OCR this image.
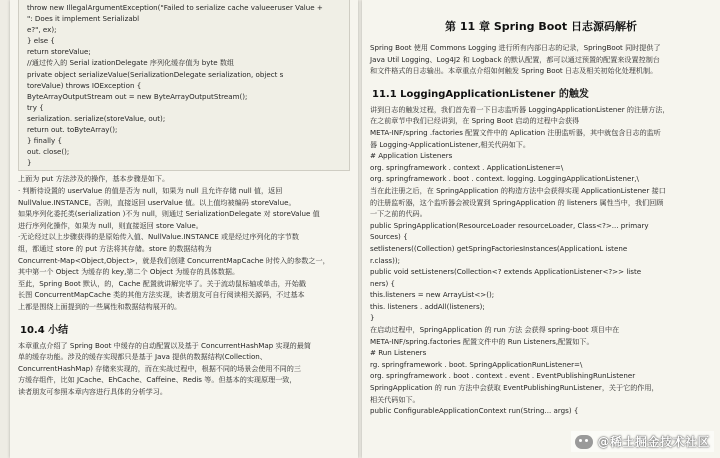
throw new IllegalArgumentException("Failed to serialize cache valueeruser Value +
": Does it implement Serializabl
e?", ex);
} else {
return storeValue;
//通过传入的 Serial izationDelegate 序列化缓存值为 byte 数组
private object serializeValue(SerializationDelegate serialization, object s
toreValue) throws IOException {
ByteArrayOutputStream out = new ByteArrayOutputStream();
try {
serialization. serialize(storeValue, out);
return out. toByteArray();
} finally {
out. close();
}
上面为 put 方法涉及的操作，基本步骤是如下。
· 判断待设置的 userValue 的值是否为 null，如果为 null 且允许存储 null 值，返回
NullValue.INSTANCE。否则，直接返回 userValue 值。以上值均被编码 storeValue。
如果序列化委托类(serialization )不为 null，则通过 SerializationDelegate 对 storeValue 值
进行序列化操作，如果为 null，则直接返回 store Value。
·无论经过以上步骤获得的是原始传入值、NullValue.INSTANCE 或是经过序列化的字节数
组，都通过 store 的 put 方法将其存储。store 的数据结构为
Concurrent-Map<Object,Object>，就是我们创建 ConcurrentMapCache 时传入的参数之一，
其中第一个 Object 为缓存的 key,第二个 Object 为缓存的具体数据。
至此，Spring Boot 默认，的，Cache 配置就讲解完毕了。关于流动鼠标轴或单击，开始戳
长图 ConcurrentMapCache 类的其他方法实现，读者朋友可自行阅读相关源码，不过基本
上都是围绕上面提到的一些属性和数据结构展开的。
10.4 小结
本章重点介绍了 Spring Boot 中缓存的自动配置以及基于 ConcurrentHashMap 实现的最简
单的缓存功能。涉及的缓存实现都只是基于 Java 提供的数据结构(Collection、
ConcurrentHashMap) 存储来实现的，而在实战过程中，根据不同的场景会使用不同的三
方缓存组件，比如 JCache、EhCache、Caffeine、Redis 等。但基本的实现原理一致，
读者朋友可参照本章内容进行具体的分析学习。
第 11 章 Spring Boot 日志源码解析
Spring Boot 使用 Commons Logging 进行所有内部日志的记录，SpringBoot 同时提供了
Java Util Logging、Log4J2 和 Logback 的默认配置，都可以通过预置的配置来设置控制台
和文件格式的日志输出。本章重点介绍如何触发 Spring Boot 日志及相关初始化处理机制。
11.1 LoggingApplicationListener 的触发
讲到日志的触发过程，我们首先看一下日志监听器 LoggingApplicationListener 的注册方法，
在之前章节中我们已经讲到，在 Spring Boot 启动的过程中会获得
META-INF/spring .factories 配置文件中的 Aplication 注册监听器，其中就包含日志的监听
器 Logging-ApplicationListener,相关代码如下。
# Application Listeners
org. springframework . context . ApplicationListener=\
org. springframework . boot . context. logging. LoggingApplicationListener,\
当在此注册之后，在 SpringApplication 的构造方法中会获得实现 ApplicationListener 接口
的注册监听器，这个监听器会被设置到 SpringApplication 的 listeners 属性当中，我们回顾
一下之前的代码。
public SpringApplication(ResourceLoader resourceLoader, Class<?>... primary
Sources) {
setlisteners((Collection) getSpringFactoriesInstances(ApplicationL istene
r.class));
public void setListeners(Collection<? extends ApplicationListener<?>> liste
ners) {
this.listeners = new ArrayList<>();
this. listeners . addAll(listeners);
}
在启动过程中，SpringApplication 的 run 方法 会获得 spring-boot 项目中在
META-INF/spring.factories 配置文件中的 Run Listeners,配置如下。
# Run Listeners
rg. springframework . boot. SpringApplicationRunListener=\
org. springframework . boot . context . event . EventPublishingRunListener
SpringApplication 的 run 方法中会获取 EventPublishingRunListener，关于它的作用，
相关代码如下。
public ConfigurableApplicationContext run(String... args) {
@稀土掘金技术社区
